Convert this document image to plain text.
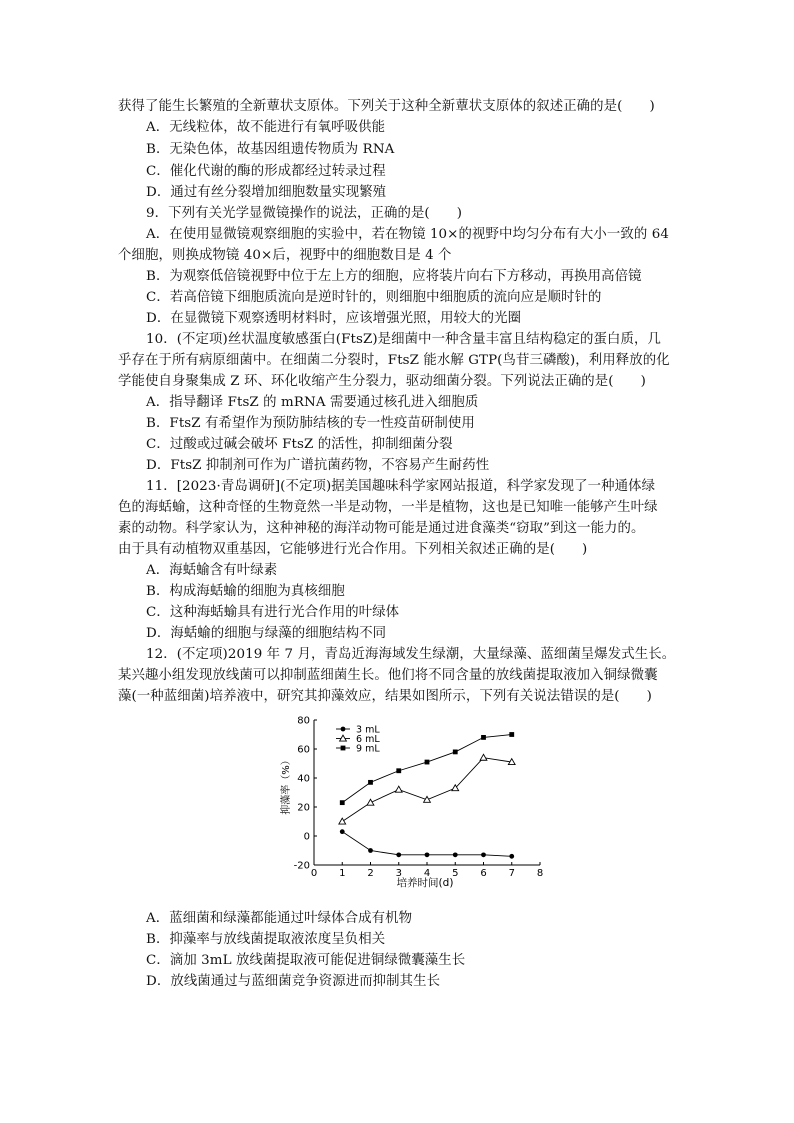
获得了能生长繁殖的全新蕈状支原体。下列关于这种全新蕈状支原体的叙述正确的是(　　)
A．无线粒体，故不能进行有氧呼吸供能
B．无染色体，故基因组遗传物质为 RNA
C．催化代谢的酶的形成都经过转录过程
D．通过有丝分裂增加细胞数量实现繁殖
9．下列有关光学显微镜操作的说法，正确的是(　　)
A．在使用显微镜观察细胞的实验中，若在物镜 10×的视野中均匀分布有大小一致的 64
个细胞，则换成物镜 40×后，视野中的细胞数目是 4 个
B．为观察低倍镜视野中位于左上方的细胞，应将装片向右下方移动，再换用高倍镜
C．若高倍镜下细胞质流向是逆时针的，则细胞中细胞质的流向应是顺时针的
D．在显微镜下观察透明材料时，应该增强光照，用较大的光圈
10．(不定项)丝状温度敏感蛋白(FtsZ)是细菌中一种含量丰富且结构稳定的蛋白质，几
乎存在于所有病原细菌中。在细菌二分裂时，FtsZ 能水解 GTP(鸟苷三磷酸)，利用释放的化
学能使自身聚集成 Z 环、环化收缩产生分裂力，驱动细菌分裂。下列说法正确的是(　　)
A．指导翻译 FtsZ 的 mRNA 需要通过核孔进入细胞质
B．FtsZ 有希望作为预防肺结核的专一性疫苗研制使用
C．过酸或过碱会破坏 FtsZ 的活性，抑制细菌分裂
D．FtsZ 抑制剂可作为广谱抗菌药物，不容易产生耐药性
11．[2023·青岛调研](不定项)据美国趣味科学家网站报道，科学家发现了一种通体绿
色的海蛞蝓，这种奇怪的生物竟然一半是动物，一半是植物，这也是已知唯一能够产生叶绿
素的动物。科学家认为，这种神秘的海洋动物可能是通过进食藻类“窃取”到这一能力的。
由于具有动植物双重基因，它能够进行光合作用。下列相关叙述正确的是(　　)
A．海蛞蝓含有叶绿素
B．构成海蛞蝓的细胞为真核细胞
C．这种海蛞蝓具有进行光合作用的叶绿体
D．海蛞蝓的细胞与绿藻的细胞结构不同
12．(不定项)2019 年 7 月，青岛近海海域发生绿潮，大量绿藻、蓝细菌呈爆发式生长。
某兴趣小组发现放线菌可以抑制蓝细菌生长。他们将不同含量的放线菌提取液加入铜绿微囊
藻(一种蓝细菌)培养液中，研究其抑藻效应，结果如图所示，下列有关说法错误的是(　　)
0 1 2 3 4 5 6 7 8
-20
0
20
40
60
80
3 mL
6 mL
9 mL
培养时间(d)
抑藻率（%）
A．蓝细菌和绿藻都能通过叶绿体合成有机物
B．抑藻率与放线菌提取液浓度呈负相关
C．滴加 3mL 放线菌提取液可能促进铜绿微囊藻生长
D．放线菌通过与蓝细菌竞争资源进而抑制其生长
